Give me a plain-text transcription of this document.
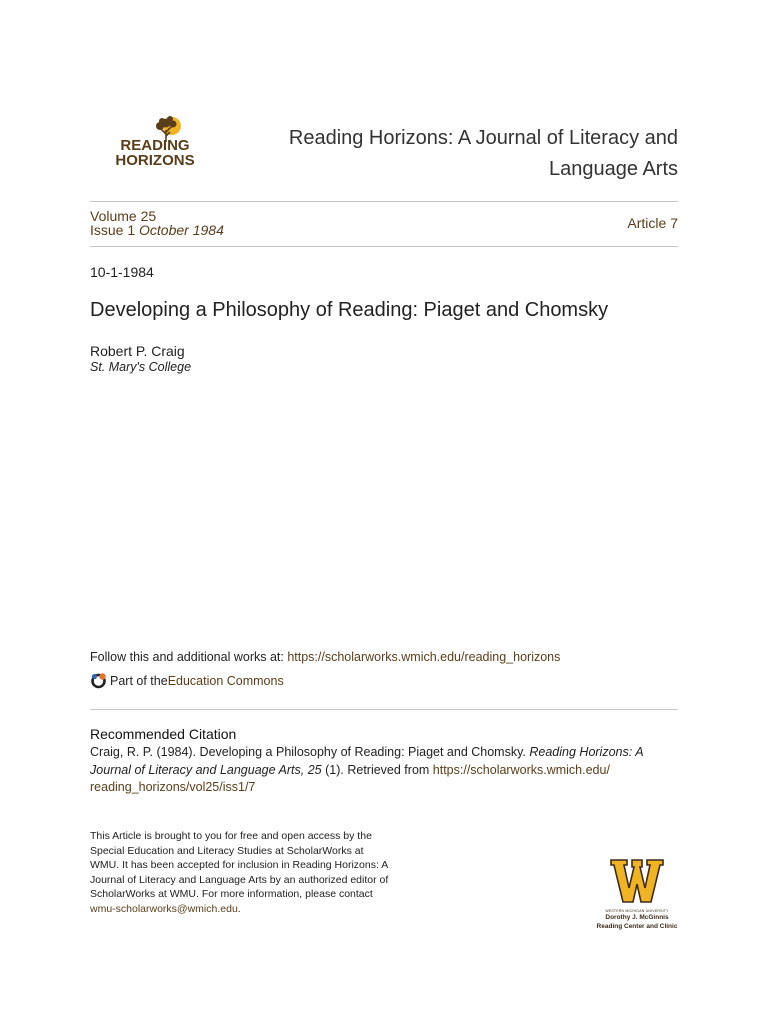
READING
HORIZONS
Reading Horizons: A Journal of Literacy and Language Arts
Volume 25
Issue 1 October 1984	Article 7
10-1-1984
Developing a Philosophy of Reading: Piaget and Chomsky
Robert P. Craig
St. Mary's College
Follow this and additional works at: https://scholarworks.wmich.edu/reading_horizons
Part of the Education Commons
Recommended Citation
Craig, R. P. (1984). Developing a Philosophy of Reading: Piaget and Chomsky. Reading Horizons: A Journal of Literacy and Language Arts, 25 (1). Retrieved from https://scholarworks.wmich.edu/
reading_horizons/vol25/iss1/7
This Article is brought to you for free and open access by the Special Education and Literacy Studies at ScholarWorks at WMU. It has been accepted for inclusion in Reading Horizons: A Journal of Literacy and Language Arts by an authorized editor of ScholarWorks at WMU. For more information, please contact wmu-scholarworks@wmich.edu.	WESTERN MICHIGAN UNIVERSITY
Dorothy J. McGinnis
Reading Center and Clinic
